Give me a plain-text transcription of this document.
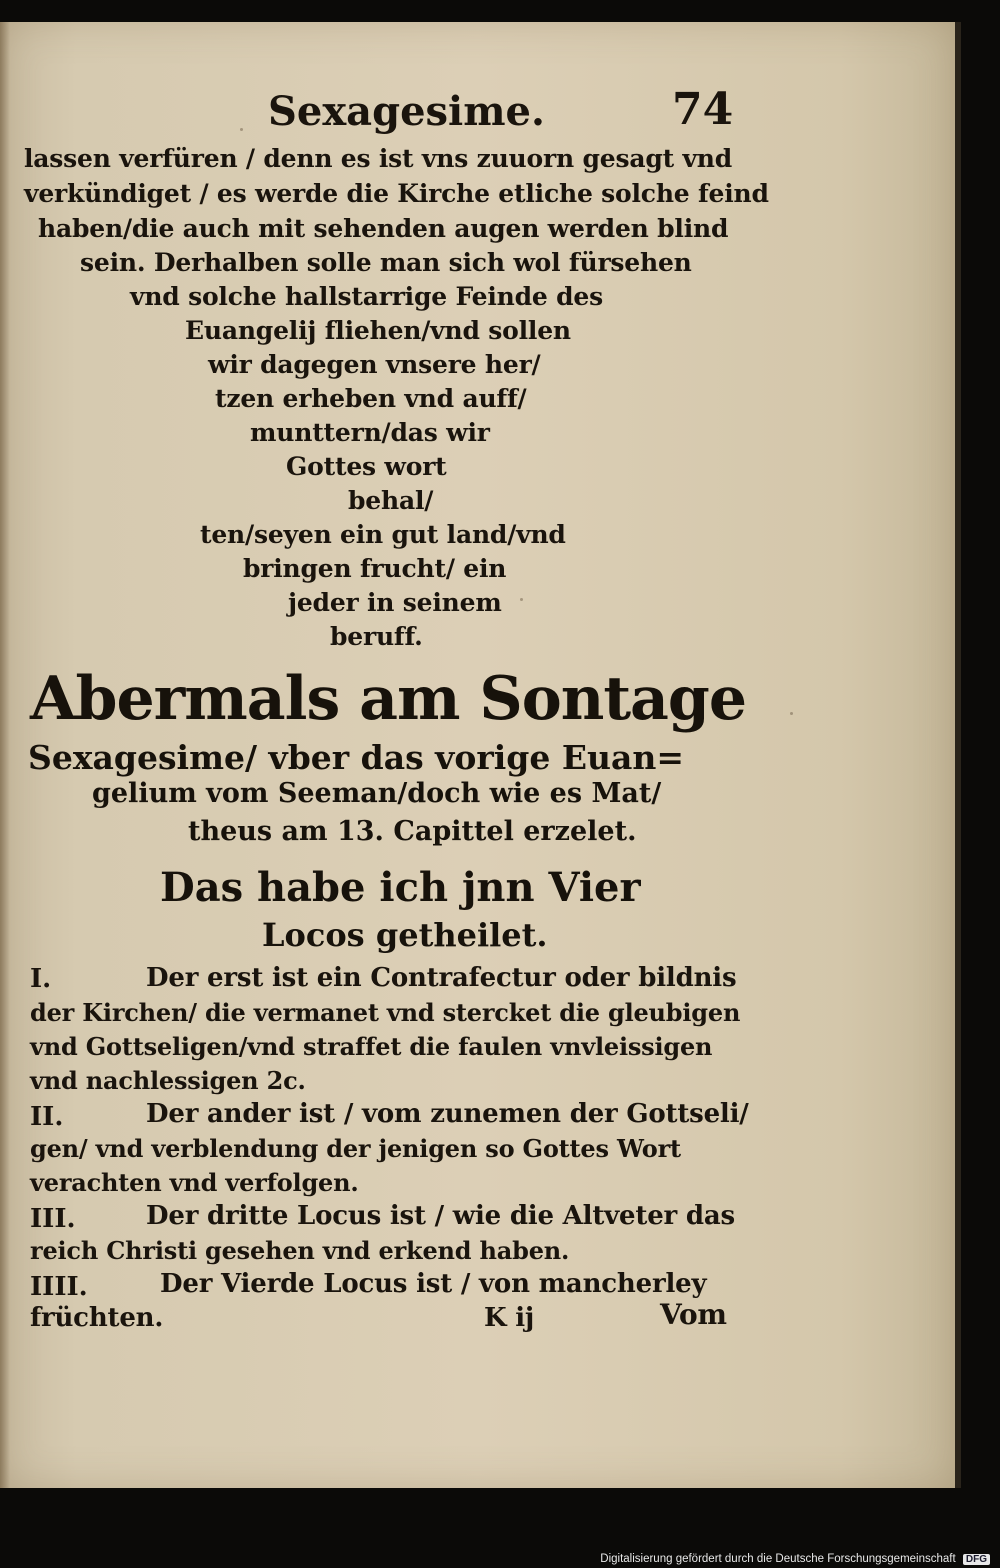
Sexagesime.	74
lassen verfüren / denn es ist vns zuuorn gesagt vnd
verkündiget / es werde die Kirche etliche solche feind
haben/die auch mit sehenden augen werden blind
sein. Derhalben solle man sich wol fürsehen
vnd solche hallstarrige Feinde des
Euangelij fliehen/vnd sollen
wir dagegen vnsere her/
tzen erheben vnd auff/
munttern/das wir
Gottes wort
behal/
ten/seyen ein gut land/vnd
bringen frucht/ ein
jeder in seinem
beruff.
Abermals am Sontage
Sexagesime/ vber das vorige Euan=
gelium vom Seeman/doch wie es Mat/
theus am 13. Capittel erzelet.
Das habe ich jnn Vier
Locos getheilet.
I.	Der erst ist ein Contrafectur oder bildnis
der Kirchen/ die vermanet vnd stercket die gleubigen
vnd Gottseligen/vnd straffet die faulen vnvleissigen
vnd nachlessigen 2c.
II.	Der ander ist / vom zunemen der Gottseli/
gen/ vnd verblendung der jenigen so Gottes Wort
verachten vnd verfolgen.
III.	Der dritte Locus ist / wie die Altveter das
reich Christi gesehen vnd erkend haben.
IIII.	Der Vierde Locus ist / von mancherley
früchten.	K ij	Vom
Digitalisierung gefördert durch die Deutsche Forschungsgemeinschaft DFG
